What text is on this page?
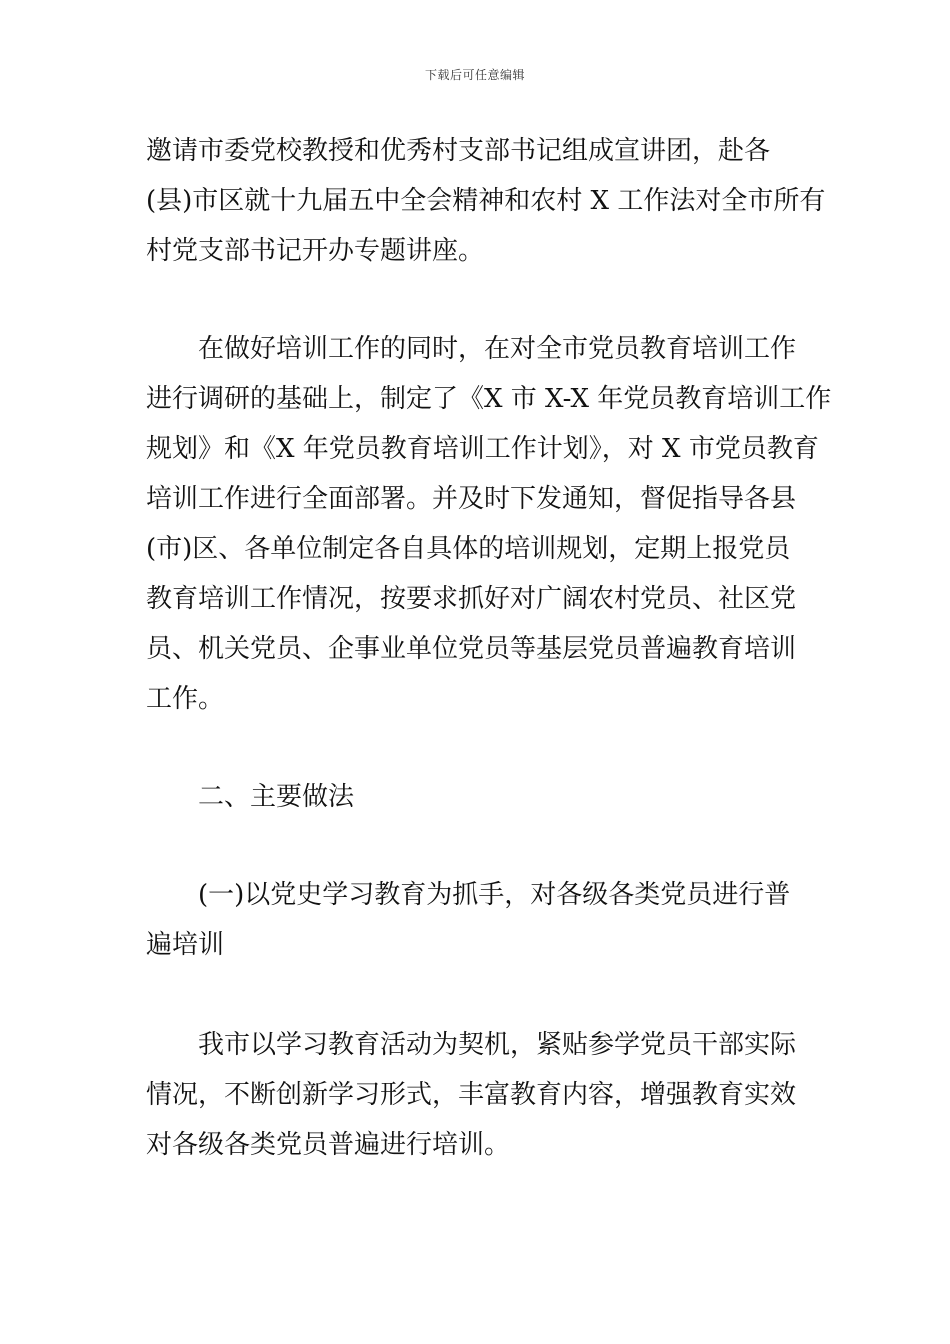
下载后可任意编辑
邀请市委党校教授和优秀村支部书记组成宣讲团，赴各
(县)市区就十九届五中全会精神和农村 X 工作法对全市所有
村党支部书记开办专题讲座。
在做好培训工作的同时，在对全市党员教育培训工作
进行调研的基础上，制定了《X 市 X-X 年党员教育培训工作
规划》和《X 年党员教育培训工作计划》，对 X 市党员教育
培训工作进行全面部署。并及时下发通知，督促指导各县
(市)区、各单位制定各自具体的培训规划，定期上报党员
教育培训工作情况，按要求抓好对广阔农村党员、社区党
员、机关党员、企事业单位党员等基层党员普遍教育培训
工作。
二、主要做法
(一)以党史学习教育为抓手，对各级各类党员进行普
遍培训
我市以学习教育活动为契机，紧贴参学党员干部实际
情况，不断创新学习形式，丰富教育内容，增强教育实效
对各级各类党员普遍进行培训。
